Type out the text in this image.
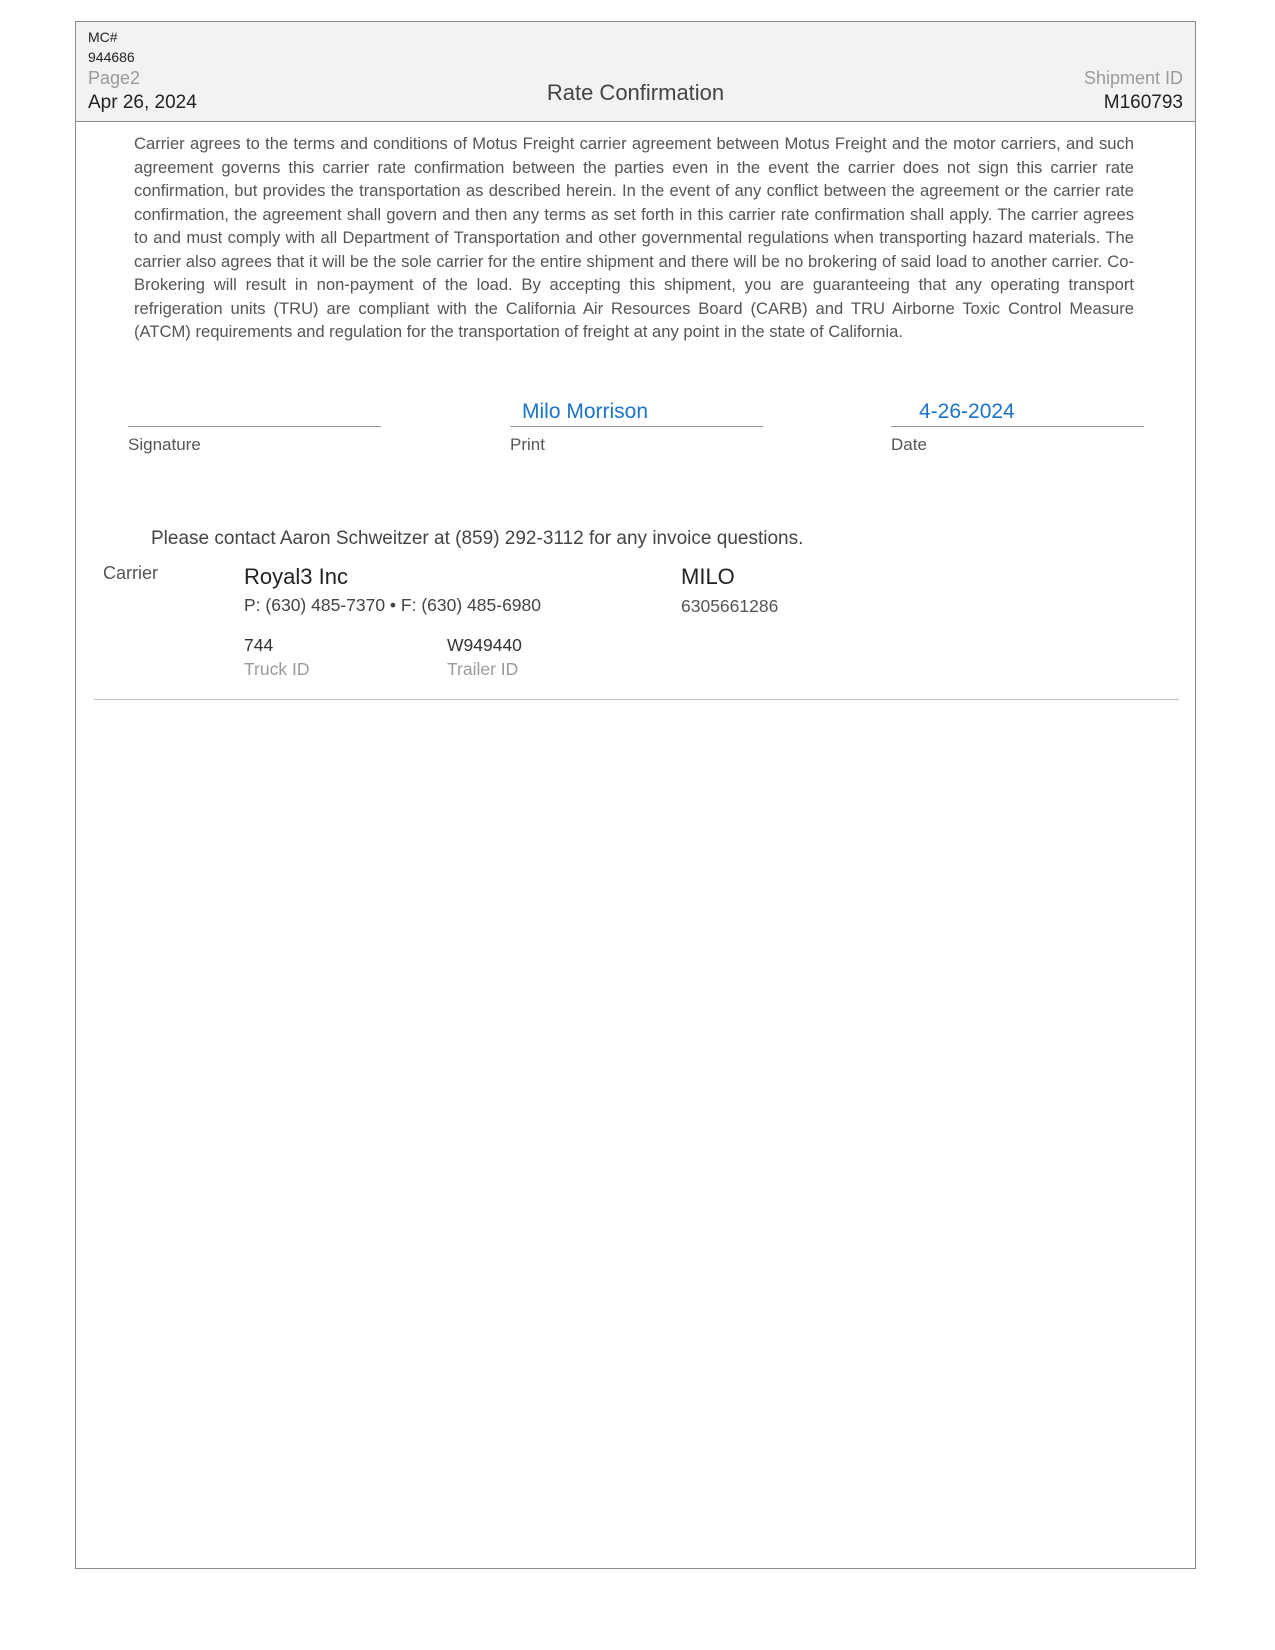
MC#
944686
Page2
Apr 26, 2024	Rate Confirmation
Shipment ID
M160793
Carrier agrees to the terms and conditions of Motus Freight carrier agreement between Motus Freight and the motor carriers, and such agreement governs this carrier rate confirmation between the parties even in the event the carrier does not sign this carrier rate confirmation, but provides the transportation as described herein. In the event of any conflict between the agreement or the carrier rate confirmation, the agreement shall govern and then any terms as set forth in this carrier rate confirmation shall apply. The carrier agrees to and must comply with all Department of Transportation and other governmental regulations when transporting hazard materials. The carrier also agrees that it will be the sole carrier for the entire shipment and there will be no brokering of said load to another carrier. Co-Brokering will result in non-payment of the load. By accepting this shipment, you are guaranteeing that any operating transport refrigeration units (TRU) are compliant with the California Air Resources Board (CARB) and TRU Airborne Toxic Control Measure (ATCM) requirements and regulation for the transportation of freight at any point in the state of California.
Signature
Milo Morrison
Print
4-26-2024
Date
Please contact Aaron Schweitzer at (859) 292-3112 for any invoice questions.
Carrier	Royal3 Inc
P: (630) 485-7370 • F: (630) 485-6980
MILO
6305661286
744
Truck ID
W949440
Trailer ID
